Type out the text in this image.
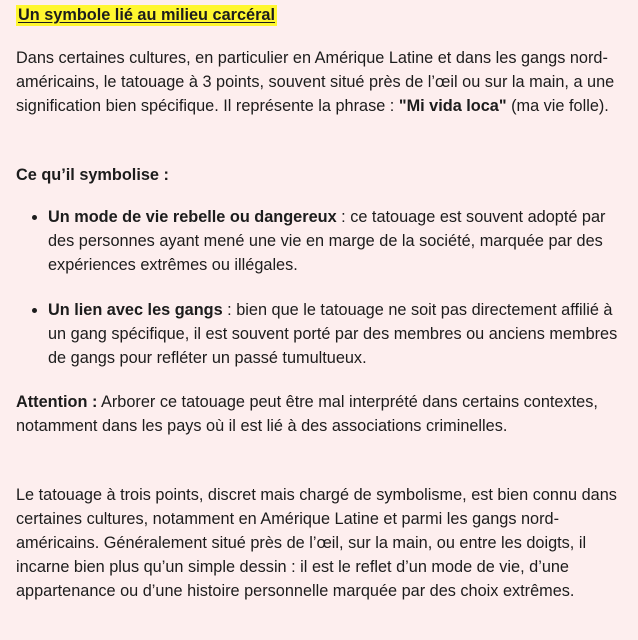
Un symbole lié au milieu carcéral

Dans certaines cultures, en particulier en Amérique Latine et dans les gangs nord-américains, le tatouage à 3 points, souvent situé près de l’œil ou sur la main, a une signification bien spécifique. Il représente la phrase : "Mi vida loca" (ma vie folle).

Ce qu’il symbolise :

Un mode de vie rebelle ou dangereux : ce tatouage est souvent adopté par des personnes ayant mené une vie en marge de la société, marquée par des expériences extrêmes ou illégales.
Un lien avec les gangs : bien que le tatouage ne soit pas directement affilié à un gang spécifique, il est souvent porté par des membres ou anciens membres de gangs pour refléter un passé tumultueux.

Attention : Arborer ce tatouage peut être mal interprété dans certains contextes, notamment dans les pays où il est lié à des associations criminelles.

Le tatouage à trois points, discret mais chargé de symbolisme, est bien connu dans certaines cultures, notamment en Amérique Latine et parmi les gangs nord-américains. Généralement situé près de l’œil, sur la main, ou entre les doigts, il incarne bien plus qu’un simple dessin : il est le reflet d’un mode de vie, d’une appartenance ou d’une histoire personnelle marquée par des choix extrêmes.
